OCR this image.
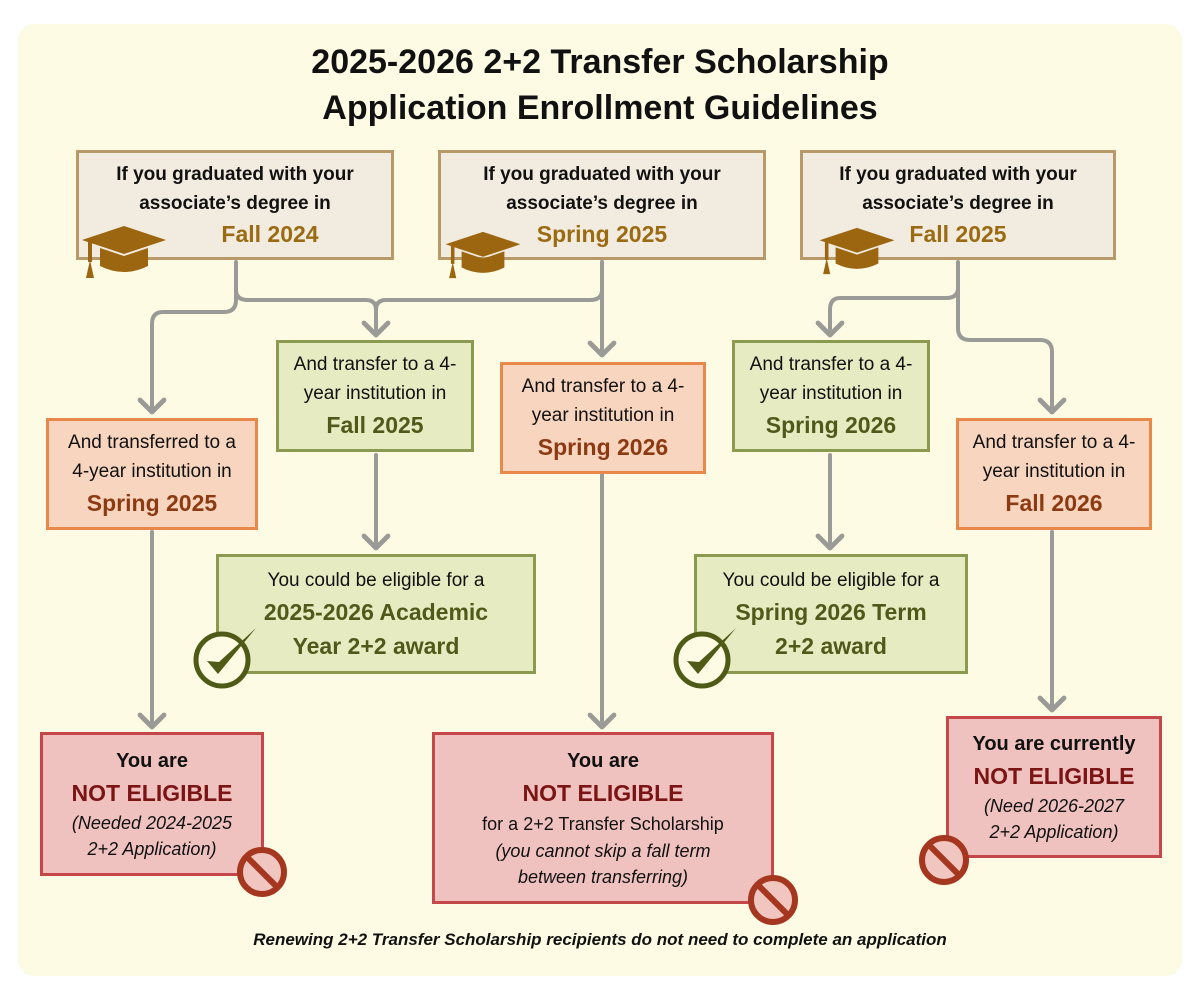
2025-2026 2+2 Transfer Scholarship
Application Enrollment Guidelines
If you graduated with your
associate’s degree in
Fall 2024
If you graduated with your
associate’s degree in
Spring 2025
If you graduated with your
associate’s degree in
Fall 2025
And transferred to a
4-year institution in
Spring 2025
And transfer to a 4-
year institution in
Fall 2025
And transfer to a 4-
year institution in
Spring 2026
And transfer to a 4-
year institution in
Spring 2026
And transfer to a 4-
year institution in
Fall 2026
You could be eligible for a
2025-2026 Academic
Year 2+2 award
You could be eligible for a
Spring 2026 Term
2+2 award
You are
NOT ELIGIBLE
(Needed 2024-2025
2+2 Application)
You are
NOT ELIGIBLE
for a 2+2 Transfer Scholarship
(you cannot skip a fall term
between transferring)
You are currently
NOT ELIGIBLE
(Need 2026-2027
2+2 Application)
Renewing 2+2 Transfer Scholarship recipients do not need to complete an application
